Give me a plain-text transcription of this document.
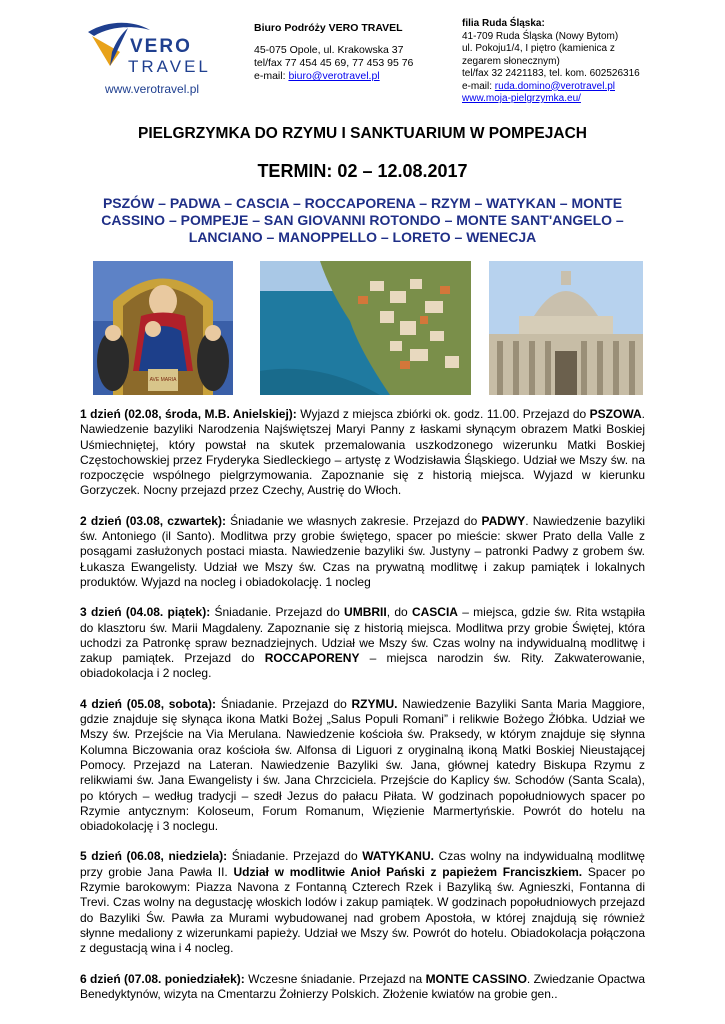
VERO
TRAVEL
www.verotravel.pl
Biuro Podróży VERO TRAVEL
45-075 Opole, ul. Krakowska 37
tel/fax 77 454 45 69, 77 453 95 76
e-mail: biuro@verotravel.pl
filia Ruda Śląska:
41-709 Ruda Śląska (Nowy Bytom)
ul. Pokoju1/4, I piętro (kamienica z
zegarem słonecznym)
tel/fax 32 2421183, tel. kom. 602526316
e-mail: ruda.domino@verotravel.pl
www.moja-pielgrzymka.eu/
PIELGRZYMKA DO RZYMU I SANKTUARIUM W POMPEJACH
TERMIN: 02 – 12.08.2017
PSZÓW – PADWA – CASCIA – ROCCAPORENA – RZYM – WATYKAN – MONTE
CASSINO – POMPEJE – SAN GIOVANNI ROTONDO – MONTE SANT'ANGELO –
LANCIANO – MANOPPELLO – LORETO – WENECJA
AVE MARIA

1 dzień (02.08, środa, M.B. Anielskiej): Wyjazd z miejsca zbiórki ok. godz. 11.00. Przejazd do PSZOWA. Nawiedzenie bazyliki Narodzenia Najświętszej Maryi Panny z łaskami słynącym obrazem Matki Boskiej Uśmiechniętej, który powstał na skutek przemalowania uszkodzonego wizerunku Matki Boskiej Częstochowskiej przez Fryderyka Siedleckiego – artystę z Wodzisławia Śląskiego. Udział we Mszy św. na rozpoczęcie wspólnego pielgrzymowania. Zapoznanie się z historią miejsca. Wyjazd w kierunku Gorzyczek. Nocny przejazd przez Czechy, Austrię do Włoch.

2 dzień (03.08, czwartek): Śniadanie we własnych zakresie. Przejazd do PADWY. Nawiedzenie bazyliki św. Antoniego (il Santo). Modlitwa przy grobie świętego, spacer po mieście: skwer Prato della Valle z posągami zasłużonych postaci miasta. Nawiedzenie bazyliki św. Justyny – patronki Padwy z grobem św. Łukasza Ewangelisty. Udział we Mszy św. Czas na prywatną modlitwę i zakup pamiątek i lokalnych produktów. Wyjazd na nocleg i obiadokolację. 1 nocleg

3 dzień (04.08. piątek): Śniadanie. Przejazd do UMBRII, do CASCIA – miejsca, gdzie św. Rita wstąpiła do klasztoru św. Marii Magdaleny. Zapoznanie się z historią miejsca. Modlitwa przy grobie Świętej, która uchodzi za Patronkę spraw beznadziejnych. Udział we Mszy św. Czas wolny na indywidualną modlitwę i zakup pamiątek. Przejazd do ROCCAPORENY – miejsca narodzin św. Rity. Zakwaterowanie, obiadokolacja i 2 nocleg.

4 dzień (05.08, sobota): Śniadanie. Przejazd do RZYMU. Nawiedzenie Bazyliki Santa Maria Maggiore, gdzie znajduje się słynąca ikona Matki Bożej „Salus Populi Romani” i relikwie Bożego Żłóbka. Udział we Mszy św. Przejście na Via Merulana. Nawiedzenie kościoła św. Praksedy, w którym znajduje się słynna Kolumna Biczowania oraz kościoła św. Alfonsa di Liguori z oryginalną ikoną Matki Boskiej Nieustającej Pomocy. Przejazd na Lateran. Nawiedzenie Bazyliki św. Jana, głównej katedry Biskupa Rzymu z relikwiami św. Jana Ewangelisty i św. Jana Chrzciciela. Przejście do Kaplicy św. Schodów (Santa Scala), po których – według tradycji – szedł Jezus do pałacu Piłata. W godzinach popołudniowych spacer po Rzymie antycznym: Koloseum, Forum Romanum, Więzienie Marmertyńskie. Powrót do hotelu na obiadokolację i 3 noclegu.

5 dzień (06.08, niedziela): Śniadanie. Przejazd do WATYKANU. Czas wolny na indywidualną modlitwę przy grobie Jana Pawła II. Udział w modlitwie Anioł Pański z papieżem Franciszkiem. Spacer po Rzymie barokowym: Piazza Navona z Fontanną Czterech Rzek i Bazyliką św. Agnieszki, Fontanna di Trevi. Czas wolny na degustację włoskich lodów i zakup pamiątek. W godzinach popołudniowych przejazd do Bazyliki Św. Pawła za Murami wybudowanej nad grobem Apostoła, w której znajdują się również słynne medaliony z wizerunkami papieży. Udział we Mszy św. Powrót do hotelu. Obiadokolacja połączona z degustacją wina i 4 nocleg.

6 dzień (07.08. poniedziałek): Wczesne śniadanie. Przejazd na MONTE CASSINO. Zwiedzanie Opactwa Benedyktynów, wizyta na Cmentarzu Żołnierzy Polskich. Złożenie kwiatów na grobie gen..
